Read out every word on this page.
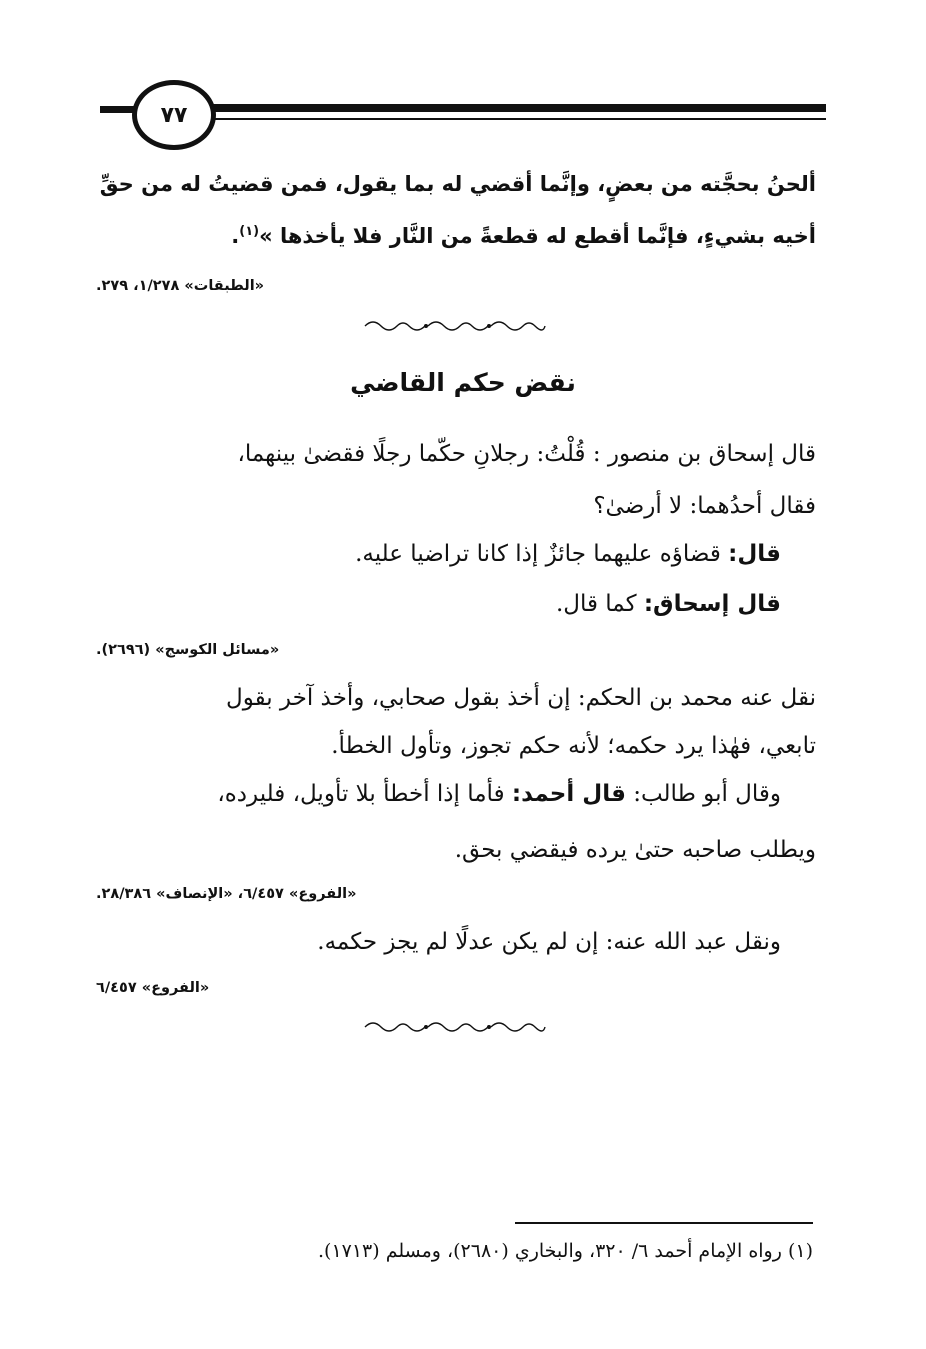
٧٧
ألحنُ بحجَّته من بعضٍ، وإنَّما أقضي له بما يقول، فمن قضيتُ له من حقِّ
أخيه بشيءٍ، فإنَّما أقطع له قطعةً من النَّار فلا يأخذها »$^{(١)}$.
«الطبقات» ١/٢٧٨، ٢٧٩.
نقض حكم القاضي
قال إسحاق بن منصور : قُلْتُ: رجلانِ حكّما رجلًا فقضىٰ بينهما،
فقال أحدُهما: لا أرضىٰ؟
قال: قضاؤه عليهما جائزٌ إذا كانا تراضيا عليه.
قال إسحاق: كما قال.
«مسائل الكوسج» (٢٦٩٦).
نقل عنه محمد بن الحكم: إن أخذ بقول صحابي، وأخذ آخر بقول
تابعي، فهٰذا يرد حكمه؛ لأنه حكم تجوز، وتأول الخطأ.
وقال أبو طالب: قال أحمد: فأما إذا أخطأ بلا تأويل، فليرده،
ويطلب صاحبه حتىٰ يرده فيقضي بحق.
«الفروع» ٦/٤٥٧، «الإنصاف» ٢٨/٣٨٦.
ونقل عبد الله عنه: إن لم يكن عدلًا لم يجز حكمه.
«الفروع» ٦/٤٥٧
(١) رواه الإمام أحمد ٦/ ٣٢٠، والبخاري (٢٦٨٠)، ومسلم (١٧١٣).
